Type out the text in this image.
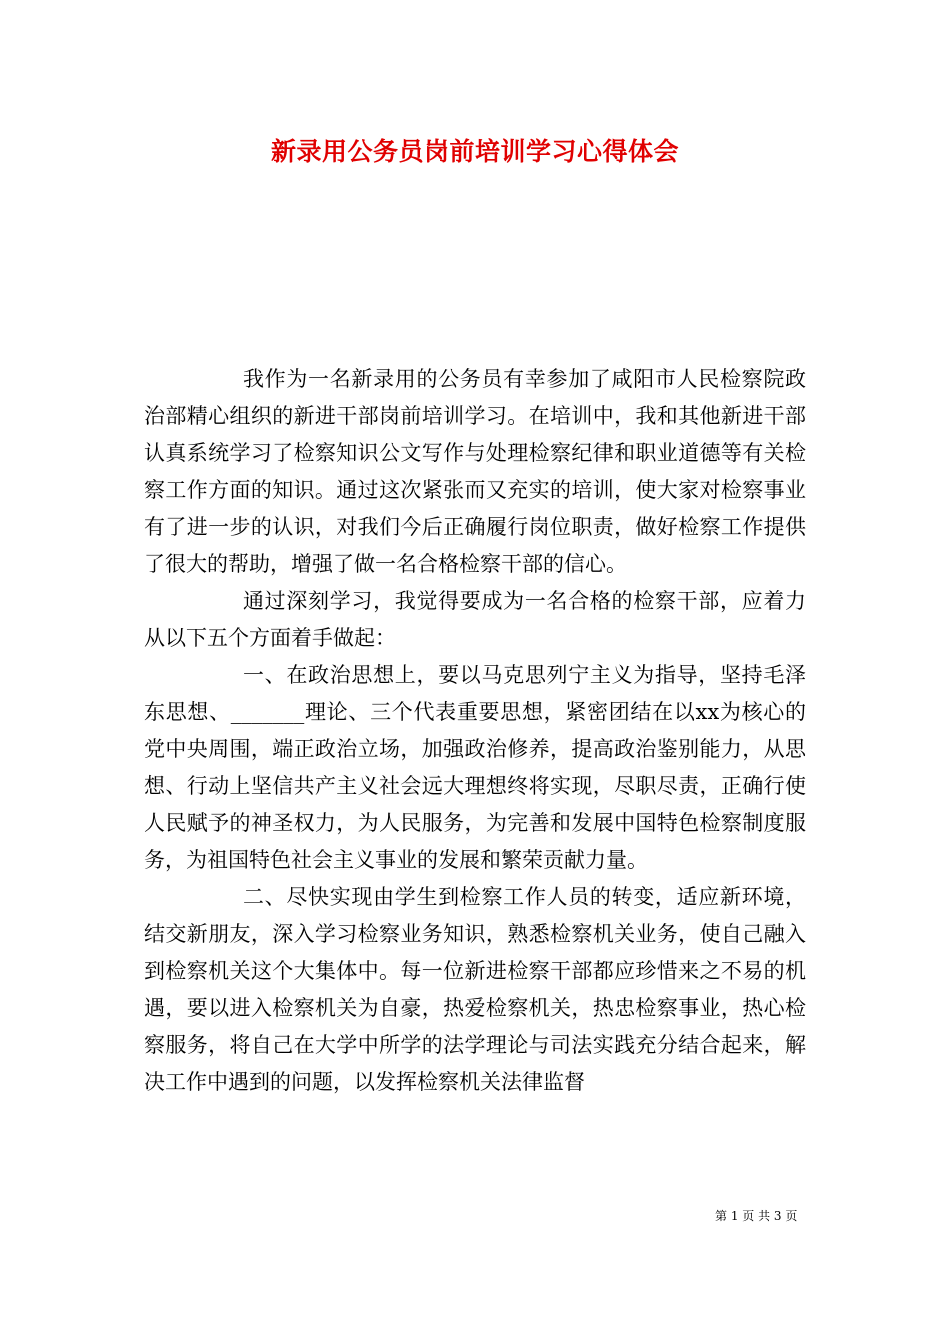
新录用公务员岗前培训学习心得体会

我作为一名新录用的公务员有幸参加了咸阳市人民检察院政治部精心组织的新进干部岗前培训学习。在培训中，我和其他新进干部认真系统学习了检察知识公文写作与处理检察纪律和职业道德等有关检察工作方面的知识。通过这次紧张而又充实的培训，使大家对检察事业有了进一步的认识，对我们今后正确履行岗位职责，做好检察工作提供了很大的帮助，增强了做一名合格检察干部的信心。

通过深刻学习，我觉得要成为一名合格的检察干部，应着力从以下五个方面着手做起：

一、在政治思想上，要以马克思列宁主义为指导，坚持毛泽东思想、_______理论、三个代表重要思想，紧密团结在以xx为核心的党中央周围，端正政治立场，加强政治修养，提高政治鉴别能力，从思想、行动上坚信共产主义社会远大理想终将实现，尽职尽责，正确行使人民赋予的神圣权力，为人民服务，为完善和发展中国特色检察制度服务，为祖国特色社会主义事业的发展和繁荣贡献力量。

二、尽快实现由学生到检察工作人员的转变，适应新环境，结交新朋友，深入学习检察业务知识，熟悉检察机关业务，使自己融入到检察机关这个大集体中。每一位新进检察干部都应珍惜来之不易的机遇，要以进入检察机关为自豪，热爱检察机关，热忠检察事业，热心检察服务，将自己在大学中所学的法学理论与司法实践充分结合起来，解决工作中遇到的问题，以发挥检察机关法律监督

第 1 页 共 3 页
